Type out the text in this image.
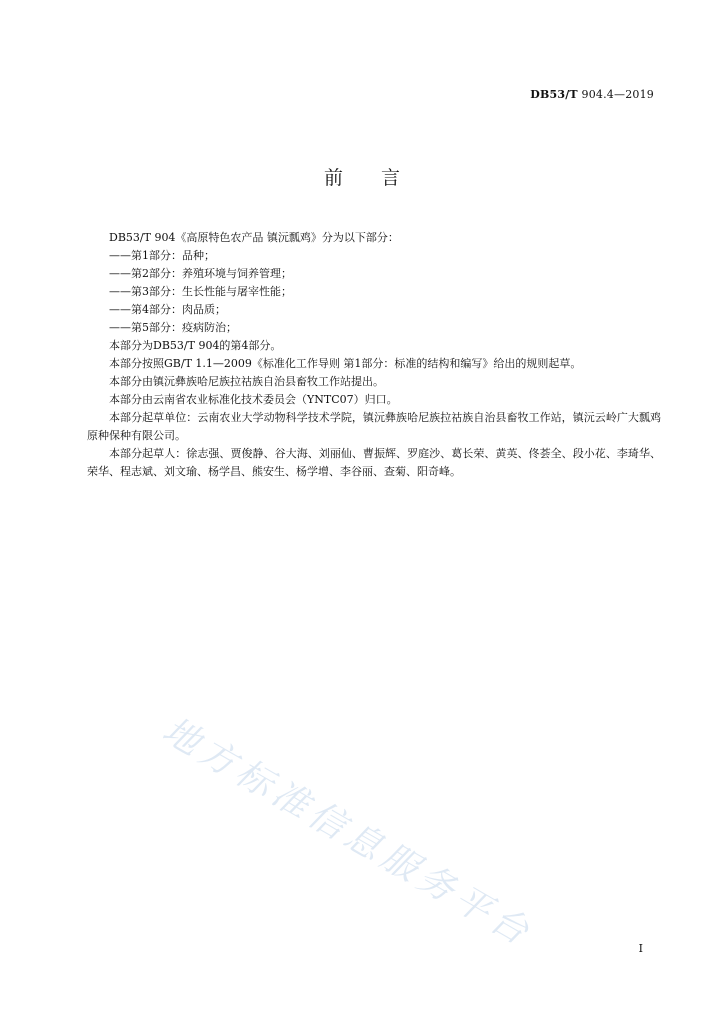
DB53/T 904.4—2019
前言

DB53/T 904《高原特色农产品 镇沅瓢鸡》分为以下部分：

——第1部分：品种；

——第2部分：养殖环境与饲养管理；

——第3部分：生长性能与屠宰性能；

——第4部分：肉品质；

——第5部分：疫病防治；

本部分为DB53/T 904的第4部分。

本部分按照GB/T 1.1—2009《标准化工作导则 第1部分：标准的结构和编写》给出的规则起草。

本部分由镇沅彝族哈尼族拉祜族自治县畜牧工作站提出。

本部分由云南省农业标准化技术委员会（YNTC07）归口。

本部分起草单位：云南农业大学动物科学技术学院，镇沅彝族哈尼族拉祜族自治县畜牧工作站，镇沅云岭广大瓢鸡原种保种有限公司。

本部分起草人：徐志强、贾俊静、谷大海、刘丽仙、曹振辉、罗庭沙、葛长荣、黄英、佟荟全、段小花、李琦华、荣华、程志斌、刘文瑜、杨学昌、熊安生、杨学增、李谷丽、查菊、阳奇峰。

地方标准信息服务平台	I
